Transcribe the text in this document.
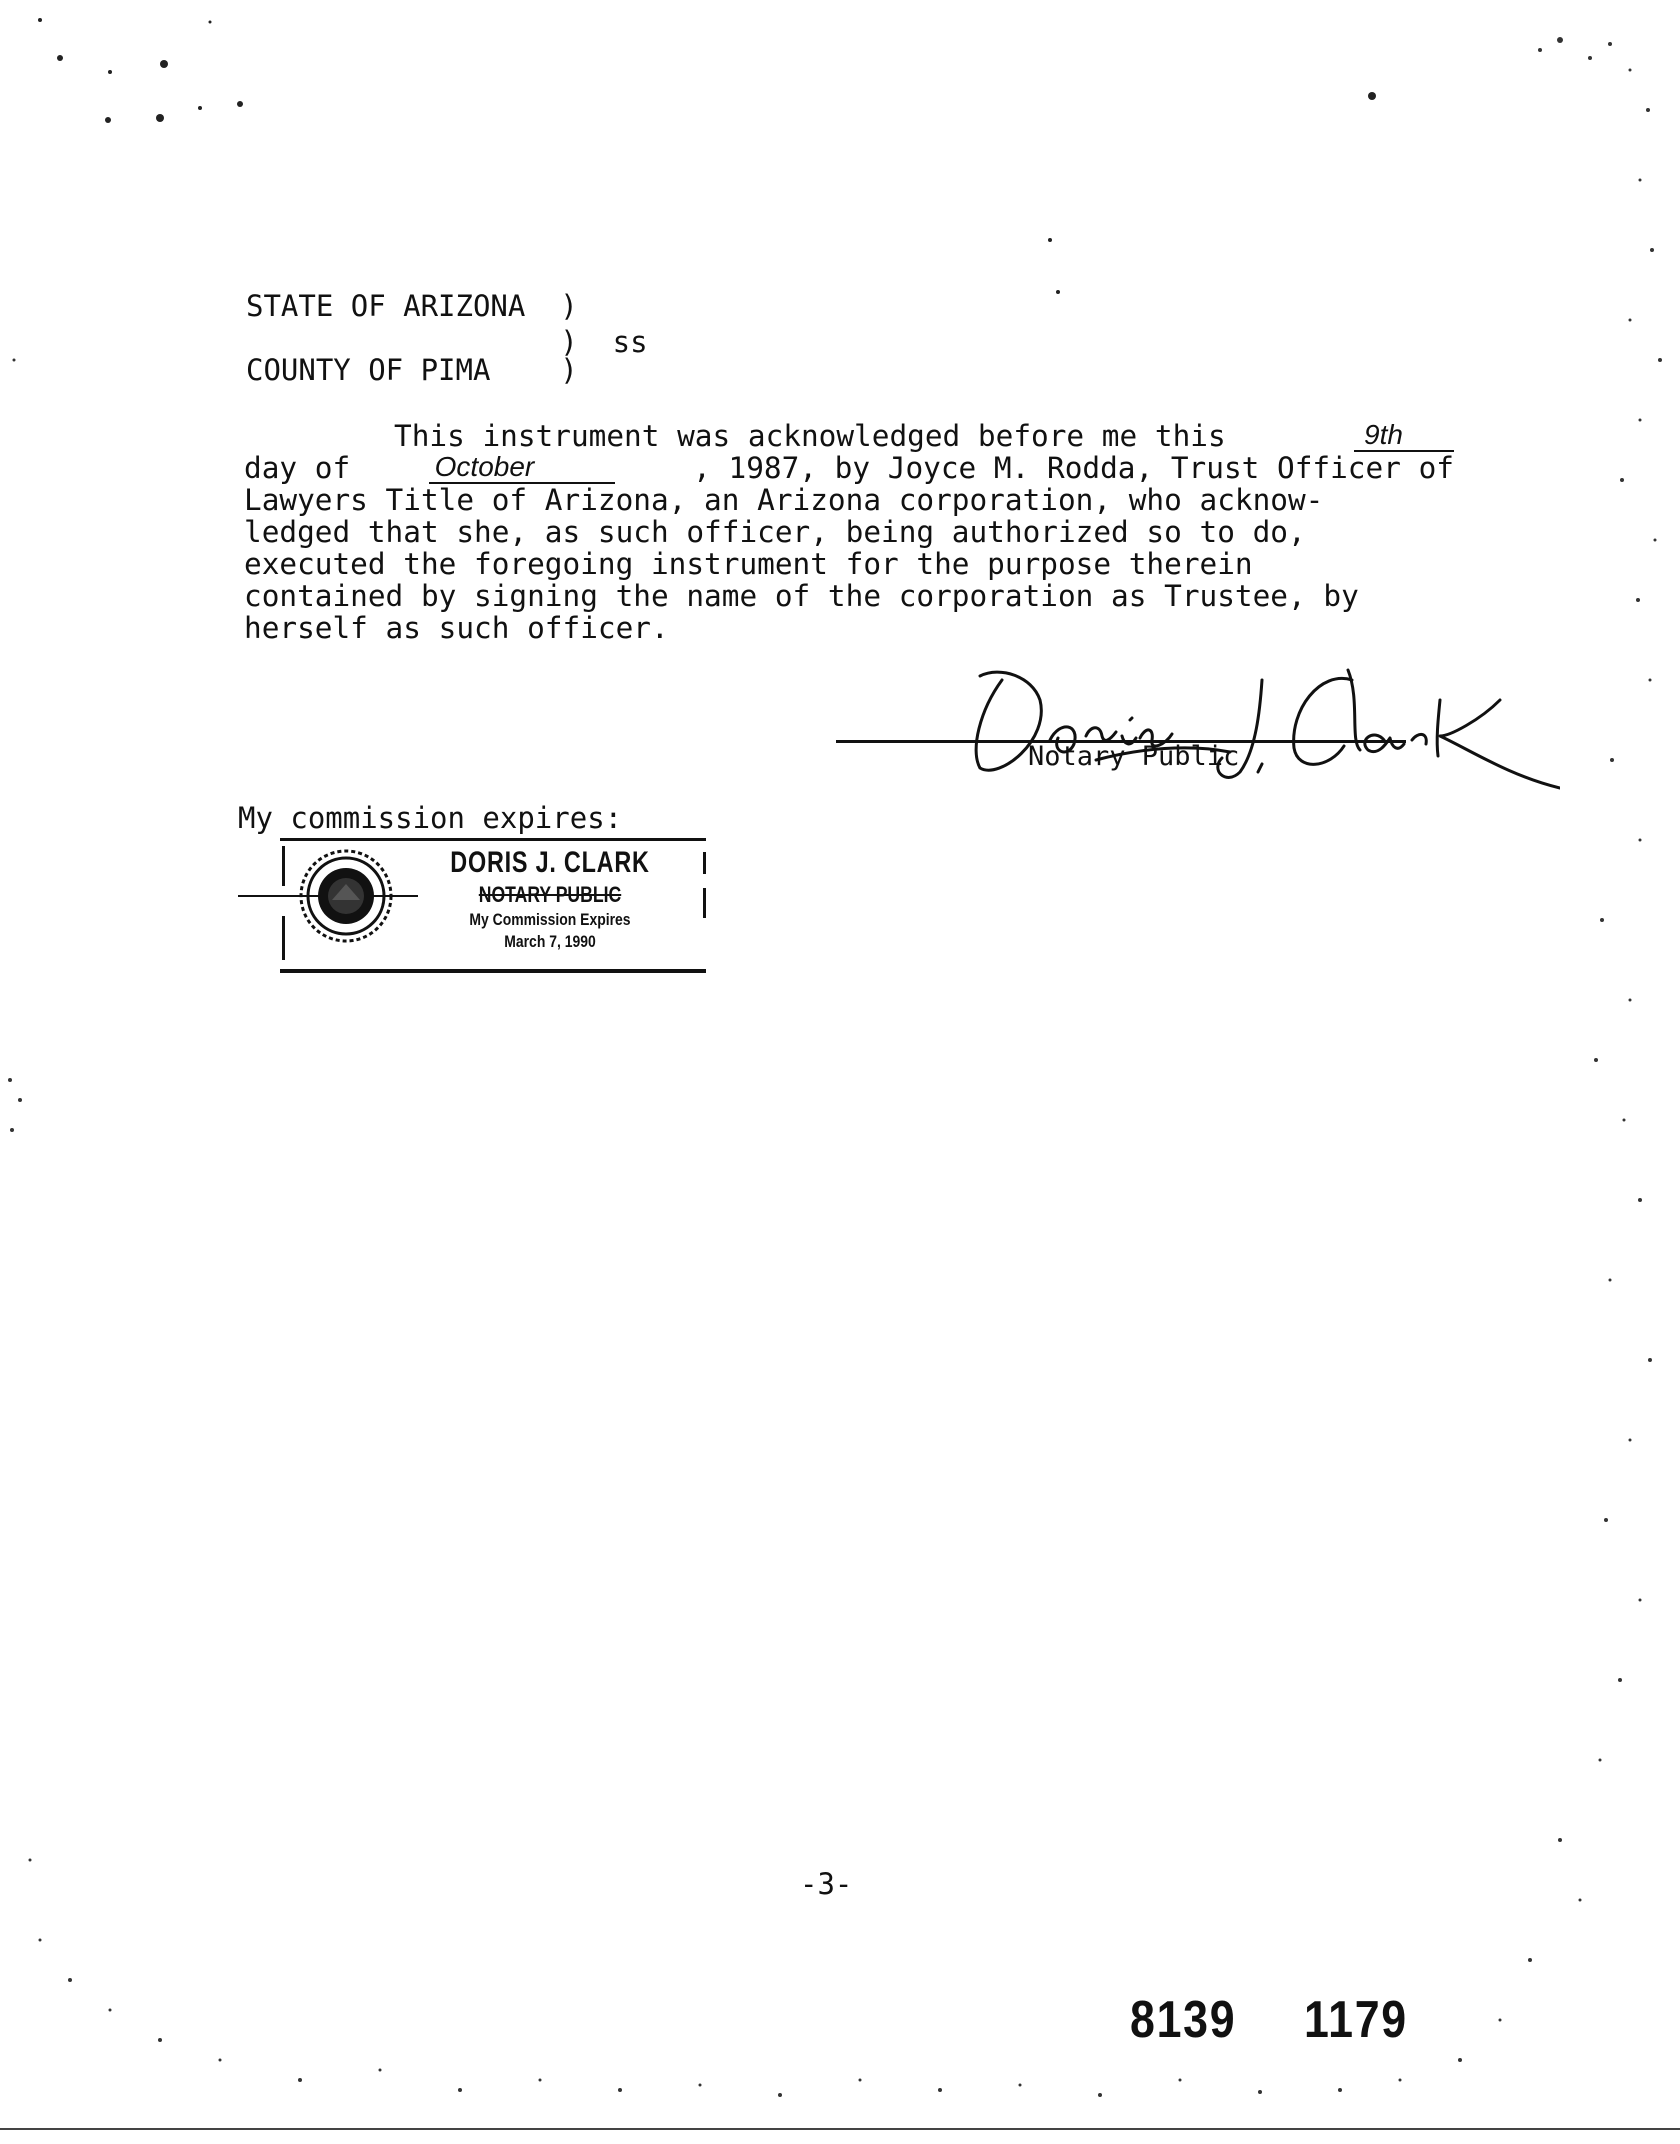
STATE OF ARIZONA  )
)  ss
COUNTY OF PIMA    )
This instrument was acknowledged before me this	9th
day of	October	, 1987, by Joyce M. Rodda, Trust Officer of
Lawyers Title of Arizona, an Arizona corporation, who acknow-
ledged that she, as such officer, being authorized so to do,
executed the foregoing instrument for the purpose therein
contained by signing the name of the corporation as Trustee, by
herself as such officer.
Notary Public
My commission expires:
DORIS J. CLARK
NOTARY PUBLIC
My Commission Expires
March 7, 1990
-3-
8139 1179
